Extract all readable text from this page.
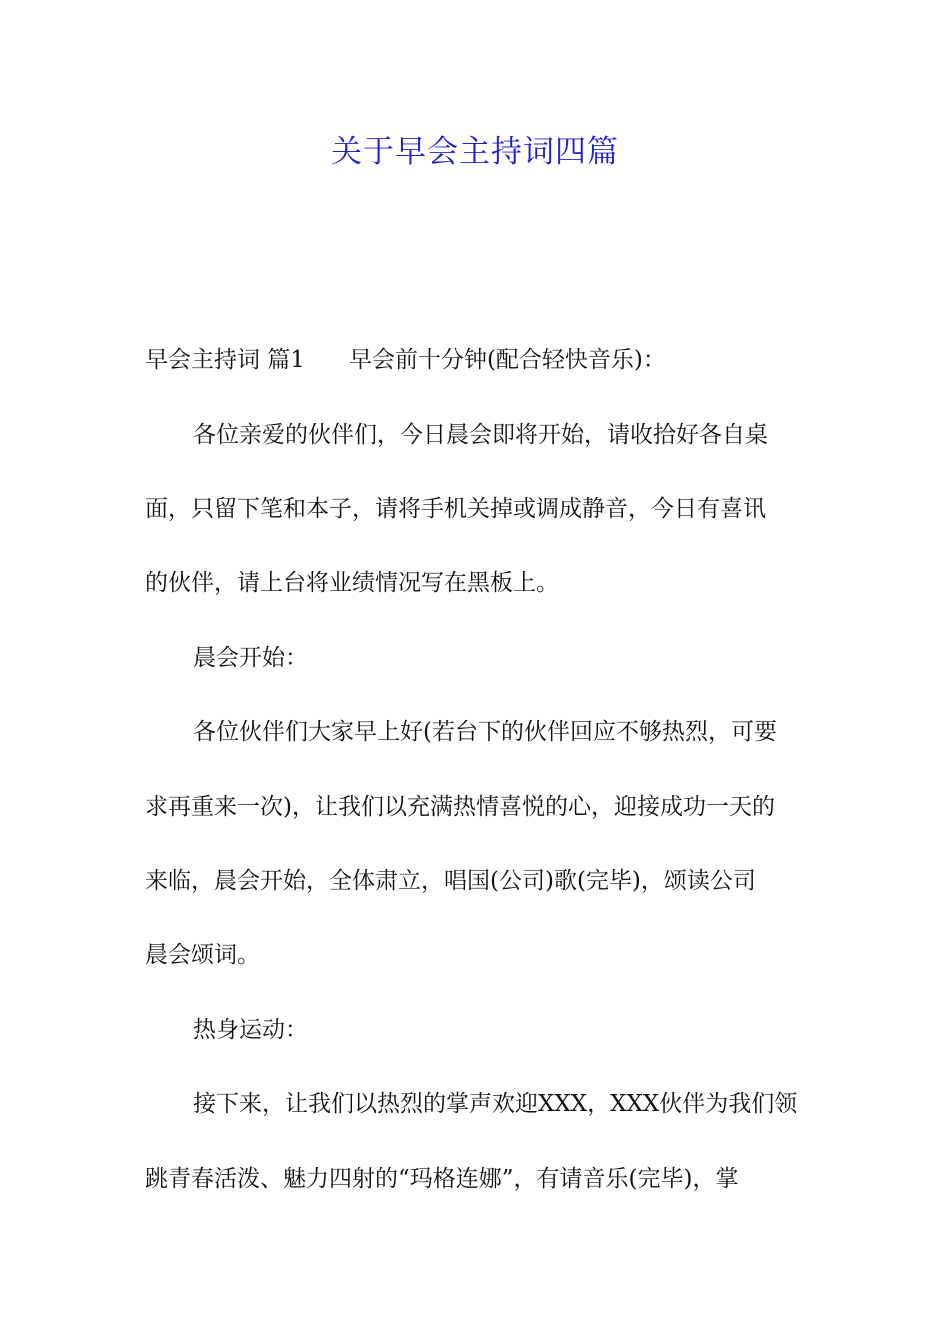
关于早会主持词四篇

早会主持词 篇1 早会前十分钟(配合轻快音乐)：

各位亲爱的伙伴们，今日晨会即将开始，请收拾好各自桌

面，只留下笔和本子，请将手机关掉或调成静音，今日有喜讯

的伙伴，请上台将业绩情况写在黑板上。

晨会开始：

各位伙伴们大家早上好(若台下的伙伴回应不够热烈，可要

求再重来一次)，让我们以充满热情喜悦的心，迎接成功一天的

来临，晨会开始，全体肃立，唱国(公司)歌(完毕)，颂读公司

晨会颂词。

热身运动：

接下来，让我们以热烈的掌声欢迎XXX，XXX伙伴为我们领

跳青春活泼、魅力四射的“玛格连娜”，有请音乐(完毕)，掌
